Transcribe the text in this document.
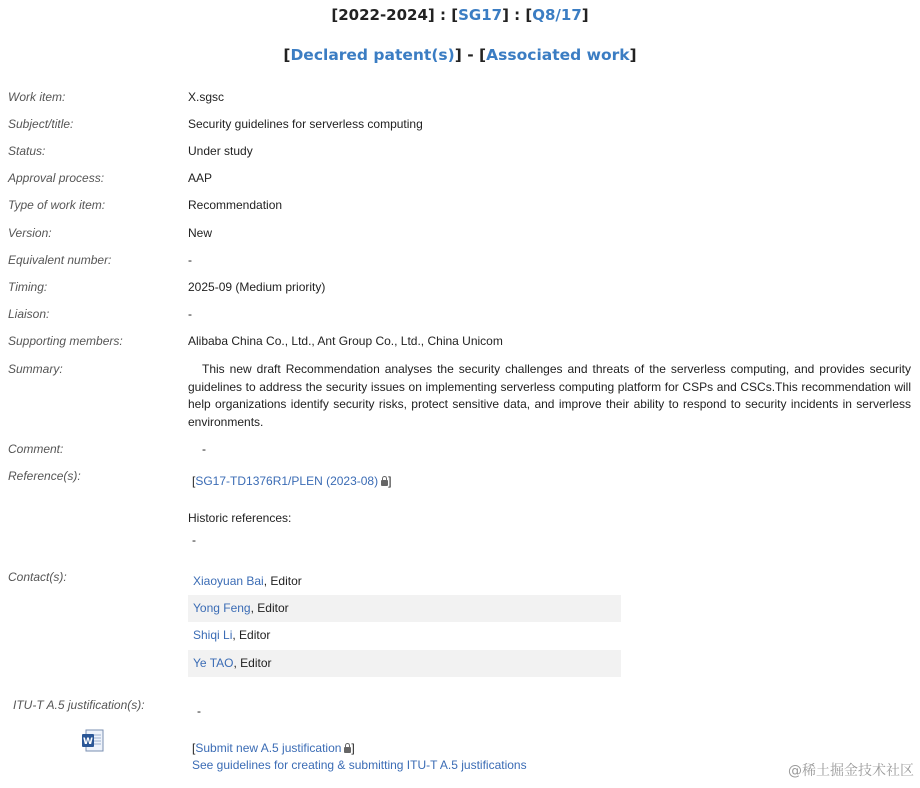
[2022-2024] : [SG17] : [Q8/17]
[Declared patent(s)] - [Associated work]
Work item:	X.sgsc
Subject/title:	Security guidelines for serverless computing
Status:	Under study
Approval process:	AAP
Type of work item:	Recommendation
Version:	New
Equivalent number:	-
Timing:	2025-09 (Medium priority)
Liaison:	-
Supporting members:	Alibaba China Co., Ltd., Ant Group Co., Ltd., China Unicom
Summary:	This new draft Recommendation analyses the security challenges and threats of the serverless computing, and provides security guidelines to address the security issues on implementing serverless computing platform for CSPs and CSCs.This recommendation will help organizations identify security risks, protect sensitive data, and improve their ability to respond to security incidents in serverless environments.
Comment:	-
Reference(s):	[SG17-TD1376R1/PLEN (2023-08) ]
Historic references:
-
Contact(s):	Xiaoyuan Bai, Editor
Yong Feng, Editor
Shiqi Li, Editor
Ye TAO, Editor
ITU-T A.5 justification(s):	-
W	[Submit new A.5 justification ]
See guidelines for creating & submitting ITU-T A.5 justifications	@稀土掘金技术社区
